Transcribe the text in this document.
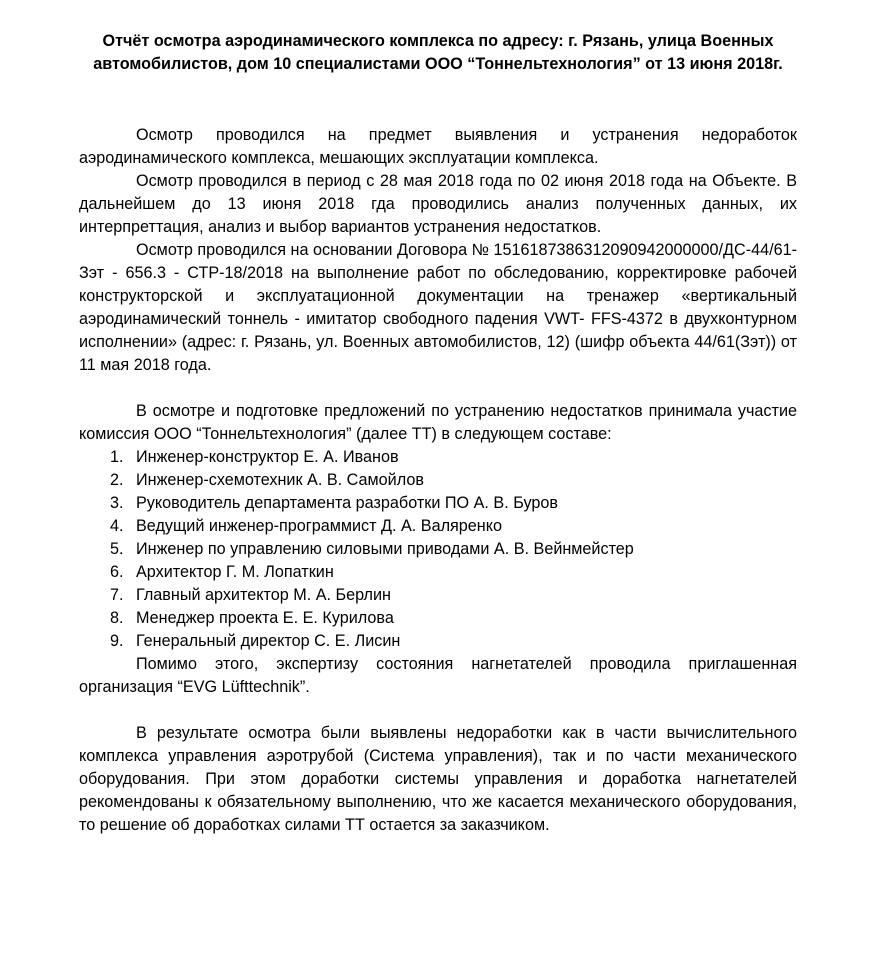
Отчёт осмотра аэродинамического комплекса по адресу: г. Рязань, улица Военных автомобилистов, дом 10 специалистами ООО “Тоннельтехнология” от 13 июня 2018г.

Осмотр проводился на предмет выявления и устранения недоработок аэродинамического комплекса, мешающих эксплуатации комплекса.

Осмотр проводился в период с 28 мая 2018 года по 02 июня 2018 года на Объекте. В дальнейшем до 13 июня 2018 гда проводились анализ полученных данных, их интерпреттация, анализ и выбор вариантов устранения недостатков.

Осмотр проводился на основании Договора № 1516187386312090942000000/ДС-44/61-Зэт - 656.3 - СТР-18/2018 на выполнение работ по обследованию, корректировке рабочей конструкторской и эксплуатационной документации на тренажер «вертикальный аэродинамический тоннель - имитатор свободного падения VWT- FFS-4372 в двухконтурном исполнении» (адрес: г. Рязань, ул. Военных автомобилистов, 12) (шифр объекта 44/61(Зэт)) от 11 мая 2018 года.

В осмотре и подготовке предложений по устранению недостатков принимала участие комиссия ООО “Тоннельтехнология” (далее ТТ) в следующем составе:

1. Инженер-конструктор Е. А. Иванов
2. Инженер-схемотехник А. В. Самойлов
3. Руководитель департамента разработки ПО А. В. Буров
4. Ведущий инженер-программист Д. А. Валяренко
5. Инженер по управлению силовыми приводами А. В. Вейнмейстер
6. Архитектор Г. М. Лопаткин
7. Главный архитектор М. А. Берлин
8. Менеджер проекта Е. Е. Курилова
9. Генеральный директор С. Е. Лисин

Помимо этого, экспертизу состояния нагнетателей проводила приглашенная организация “EVG Lüfttechnik”.

В результате осмотра были выявлены недоработки как в части вычислительного комплекса управления аэротрубой (Система управления), так и по части механического оборудования. При этом доработки системы управления и доработка нагнетателей рекомендованы к обязательному выполнению, что же касается механического оборудования, то решение об доработках силами ТТ остается за заказчиком.
